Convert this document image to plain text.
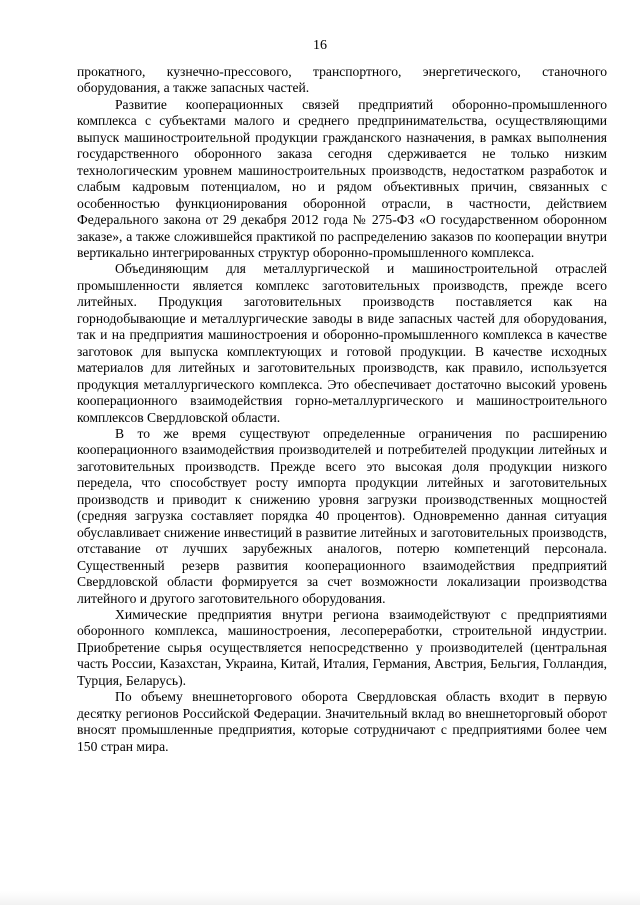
16

прокатного, кузнечно-прессового, транспортного, энергетического, станочного оборудования, а также запасных частей.

Развитие кооперационных связей предприятий оборонно-промышленного комплекса с субъектами малого и среднего предпринимательства, осуществляющими выпуск машиностроительной продукции гражданского назначения, в рамках выполнения государственного оборонного заказа сегодня сдерживается не только низким технологическим уровнем машиностроительных производств, недостатком разработок и слабым кадровым потенциалом, но и рядом объективных причин, связанных с особенностью функционирования оборонной отрасли, в частности, действием Федерального закона от 29 декабря 2012 года № 275-ФЗ «О государственном оборонном заказе», а также сложившейся практикой по распределению заказов по кооперации внутри вертикально интегрированных структур оборонно-промышленного комплекса.

Объединяющим для металлургической и машиностроительной отраслей промышленности является комплекс заготовительных производств, прежде всего литейных. Продукция заготовительных производств поставляется как на горнодобывающие и металлургические заводы в виде запасных частей для оборудования, так и на предприятия машиностроения и оборонно-промышленного комплекса в качестве заготовок для выпуска комплектующих и готовой продукции. В качестве исходных материалов для литейных и заготовительных производств, как правило, используется продукция металлургического комплекса. Это обеспечивает достаточно высокий уровень кооперационного взаимодействия горно-металлургического и машиностроительного комплексов Свердловской области.

В то же время существуют определенные ограничения по расширению кооперационного взаимодействия производителей и потребителей продукции литейных и заготовительных производств. Прежде всего это высокая доля продукции низкого передела, что способствует росту импорта продукции литейных и заготовительных производств и приводит к снижению уровня загрузки производственных мощностей (средняя загрузка составляет порядка 40 процентов). Одновременно данная ситуация обуславливает снижение инвестиций в развитие литейных и заготовительных производств, отставание от лучших зарубежных аналогов, потерю компетенций персонала. Существенный резерв развития кооперационного взаимодействия предприятий Свердловской области формируется за счет возможности локализации производства литейного и другого заготовительного оборудования.

Химические предприятия внутри региона взаимодействуют с предприятиями оборонного комплекса, машиностроения, лесопереработки, строительной индустрии. Приобретение сырья осуществляется непосредственно у производителей (центральная часть России, Казахстан, Украина, Китай, Италия, Германия, Австрия, Бельгия, Голландия, Турция, Беларусь).

По объему внешнеторгового оборота Свердловская область входит в первую десятку регионов Российской Федерации. Значительный вклад во внешнеторговый оборот вносят промышленные предприятия, которые сотрудничают с предприятиями более чем 150 стран мира.
